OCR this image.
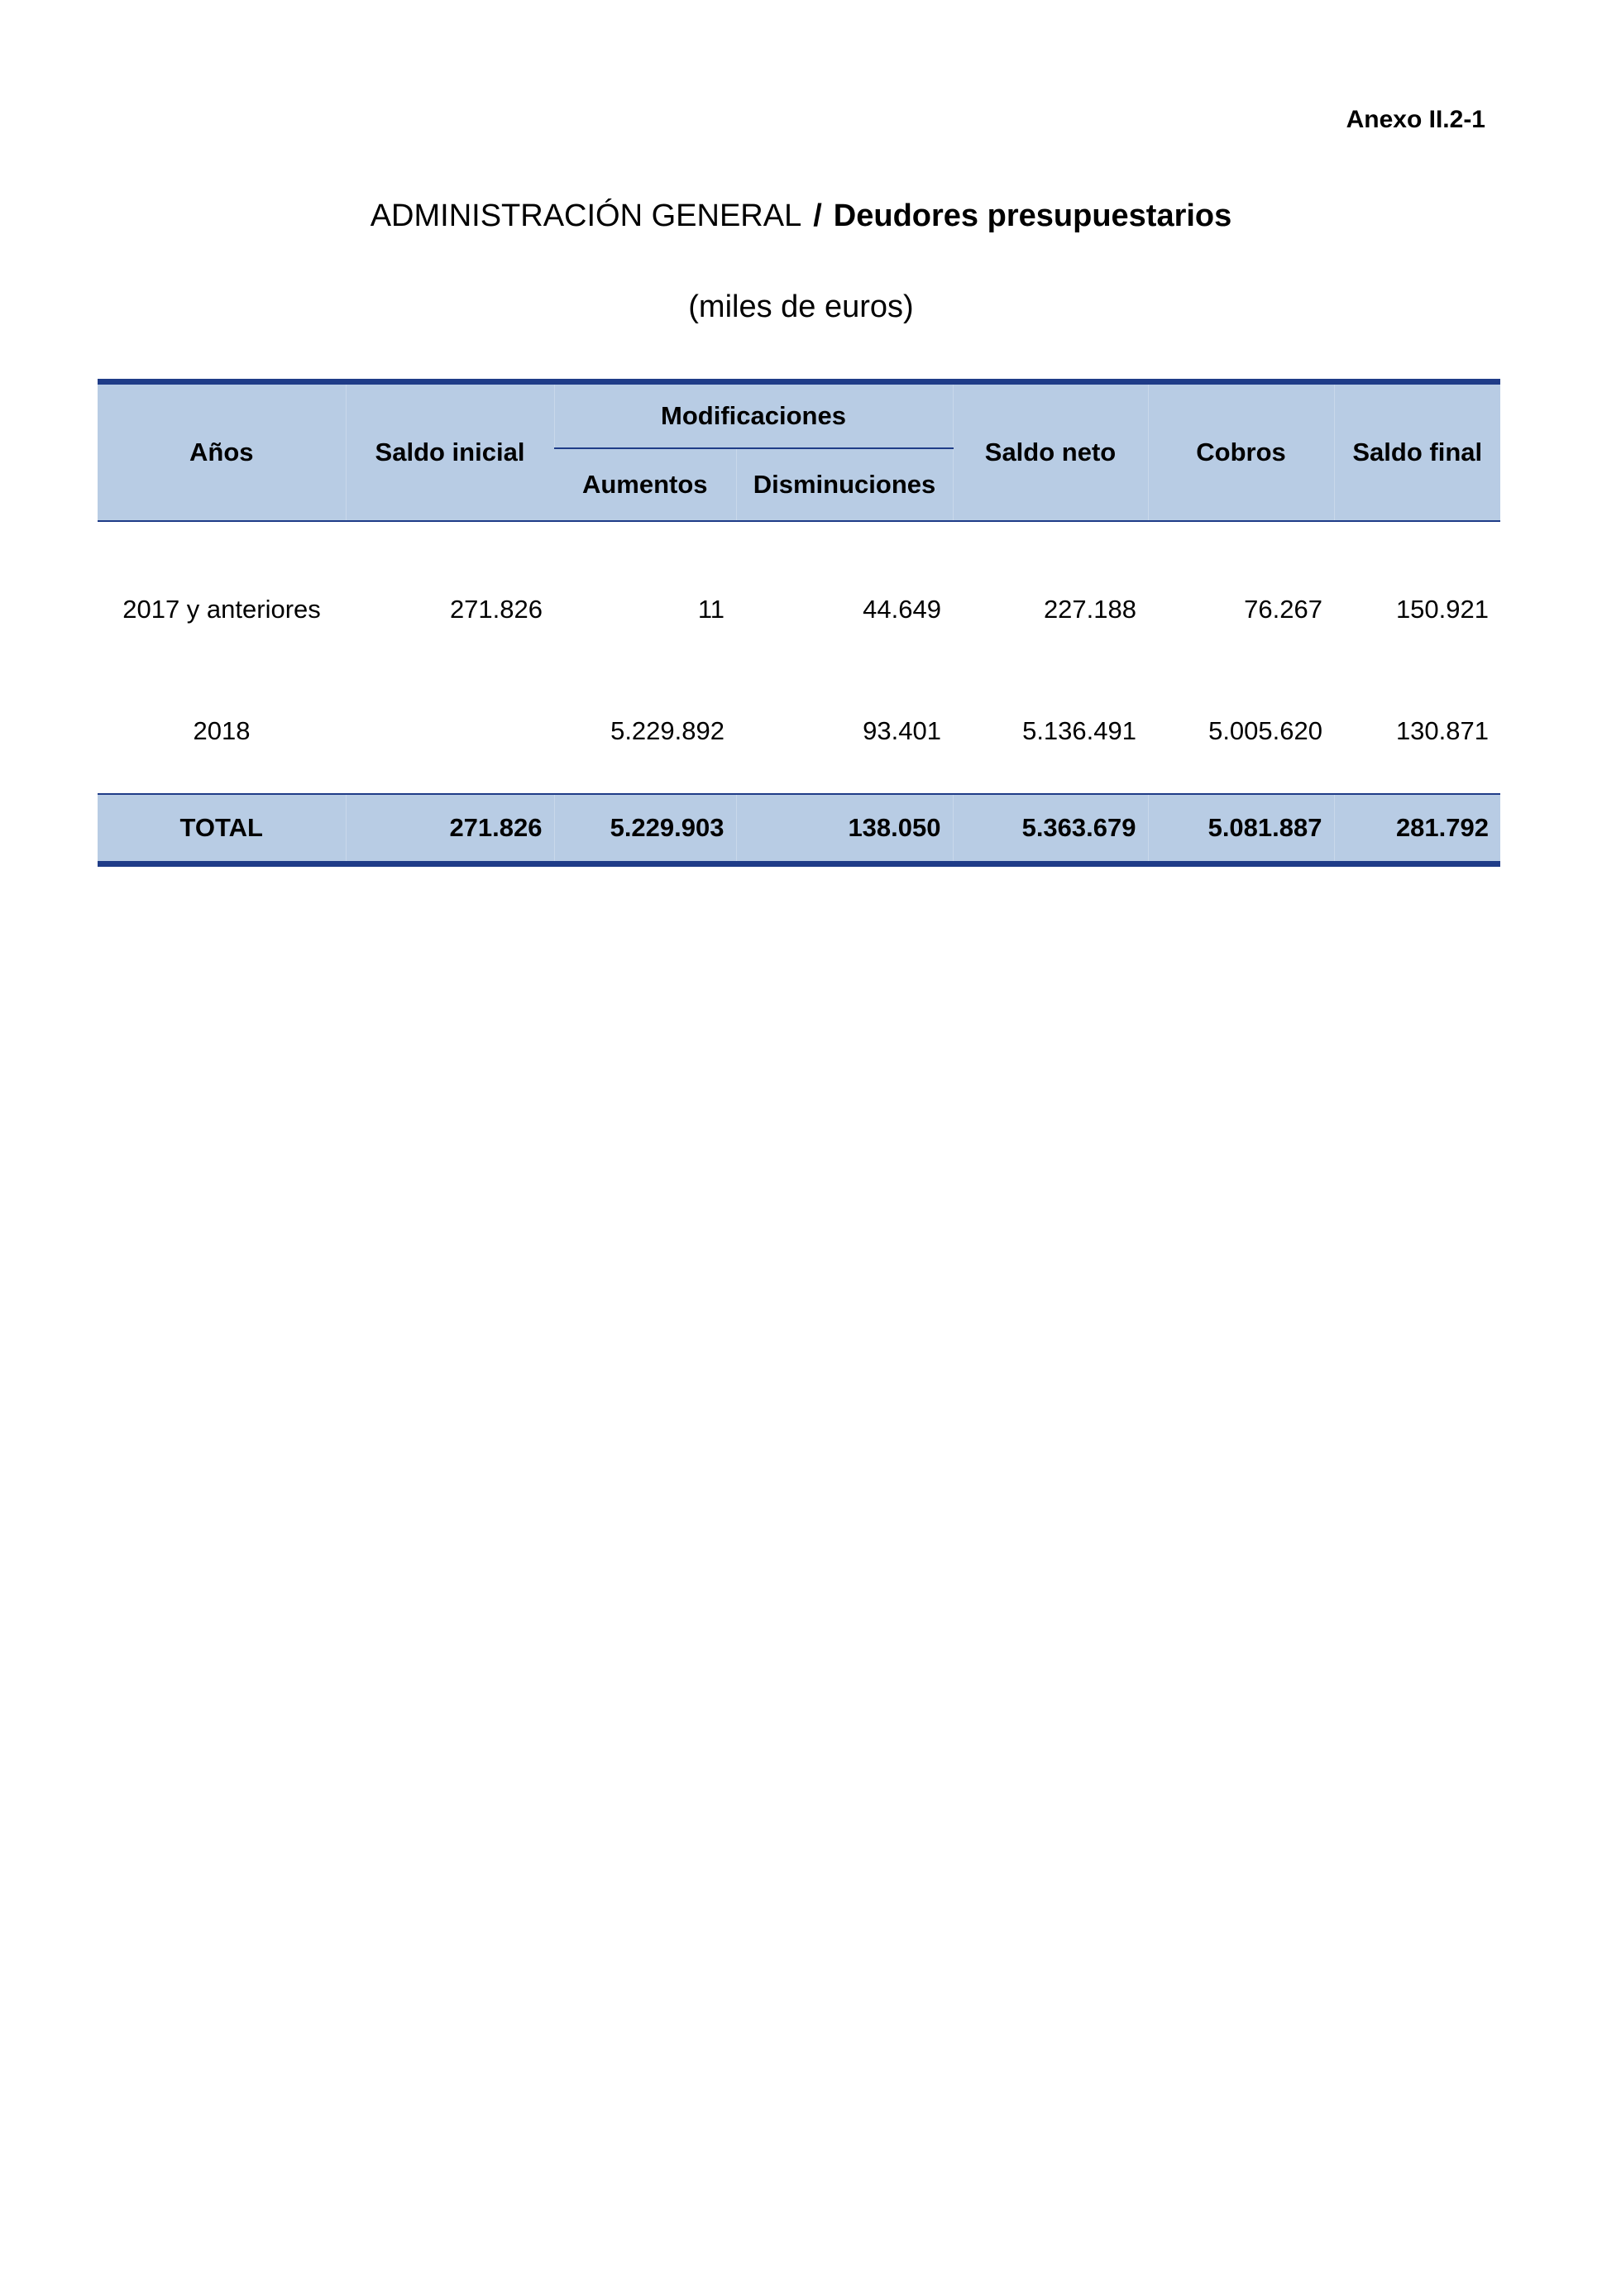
Anexo II.2-1
ADMINISTRACIÓN GENERAL / Deudores presupuestarios
(miles de euros)
Años	Saldo inicial	Modificaciones		Saldo neto	Cobros	Saldo final
		Aumentos	Disminuciones			
2017 y anteriores	271.826	11	44.649	227.188	76.267	150.921
2018		5.229.892	93.401	5.136.491	5.005.620	130.871
TOTAL	271.826	5.229.903	138.050	5.363.679	5.081.887	281.792
